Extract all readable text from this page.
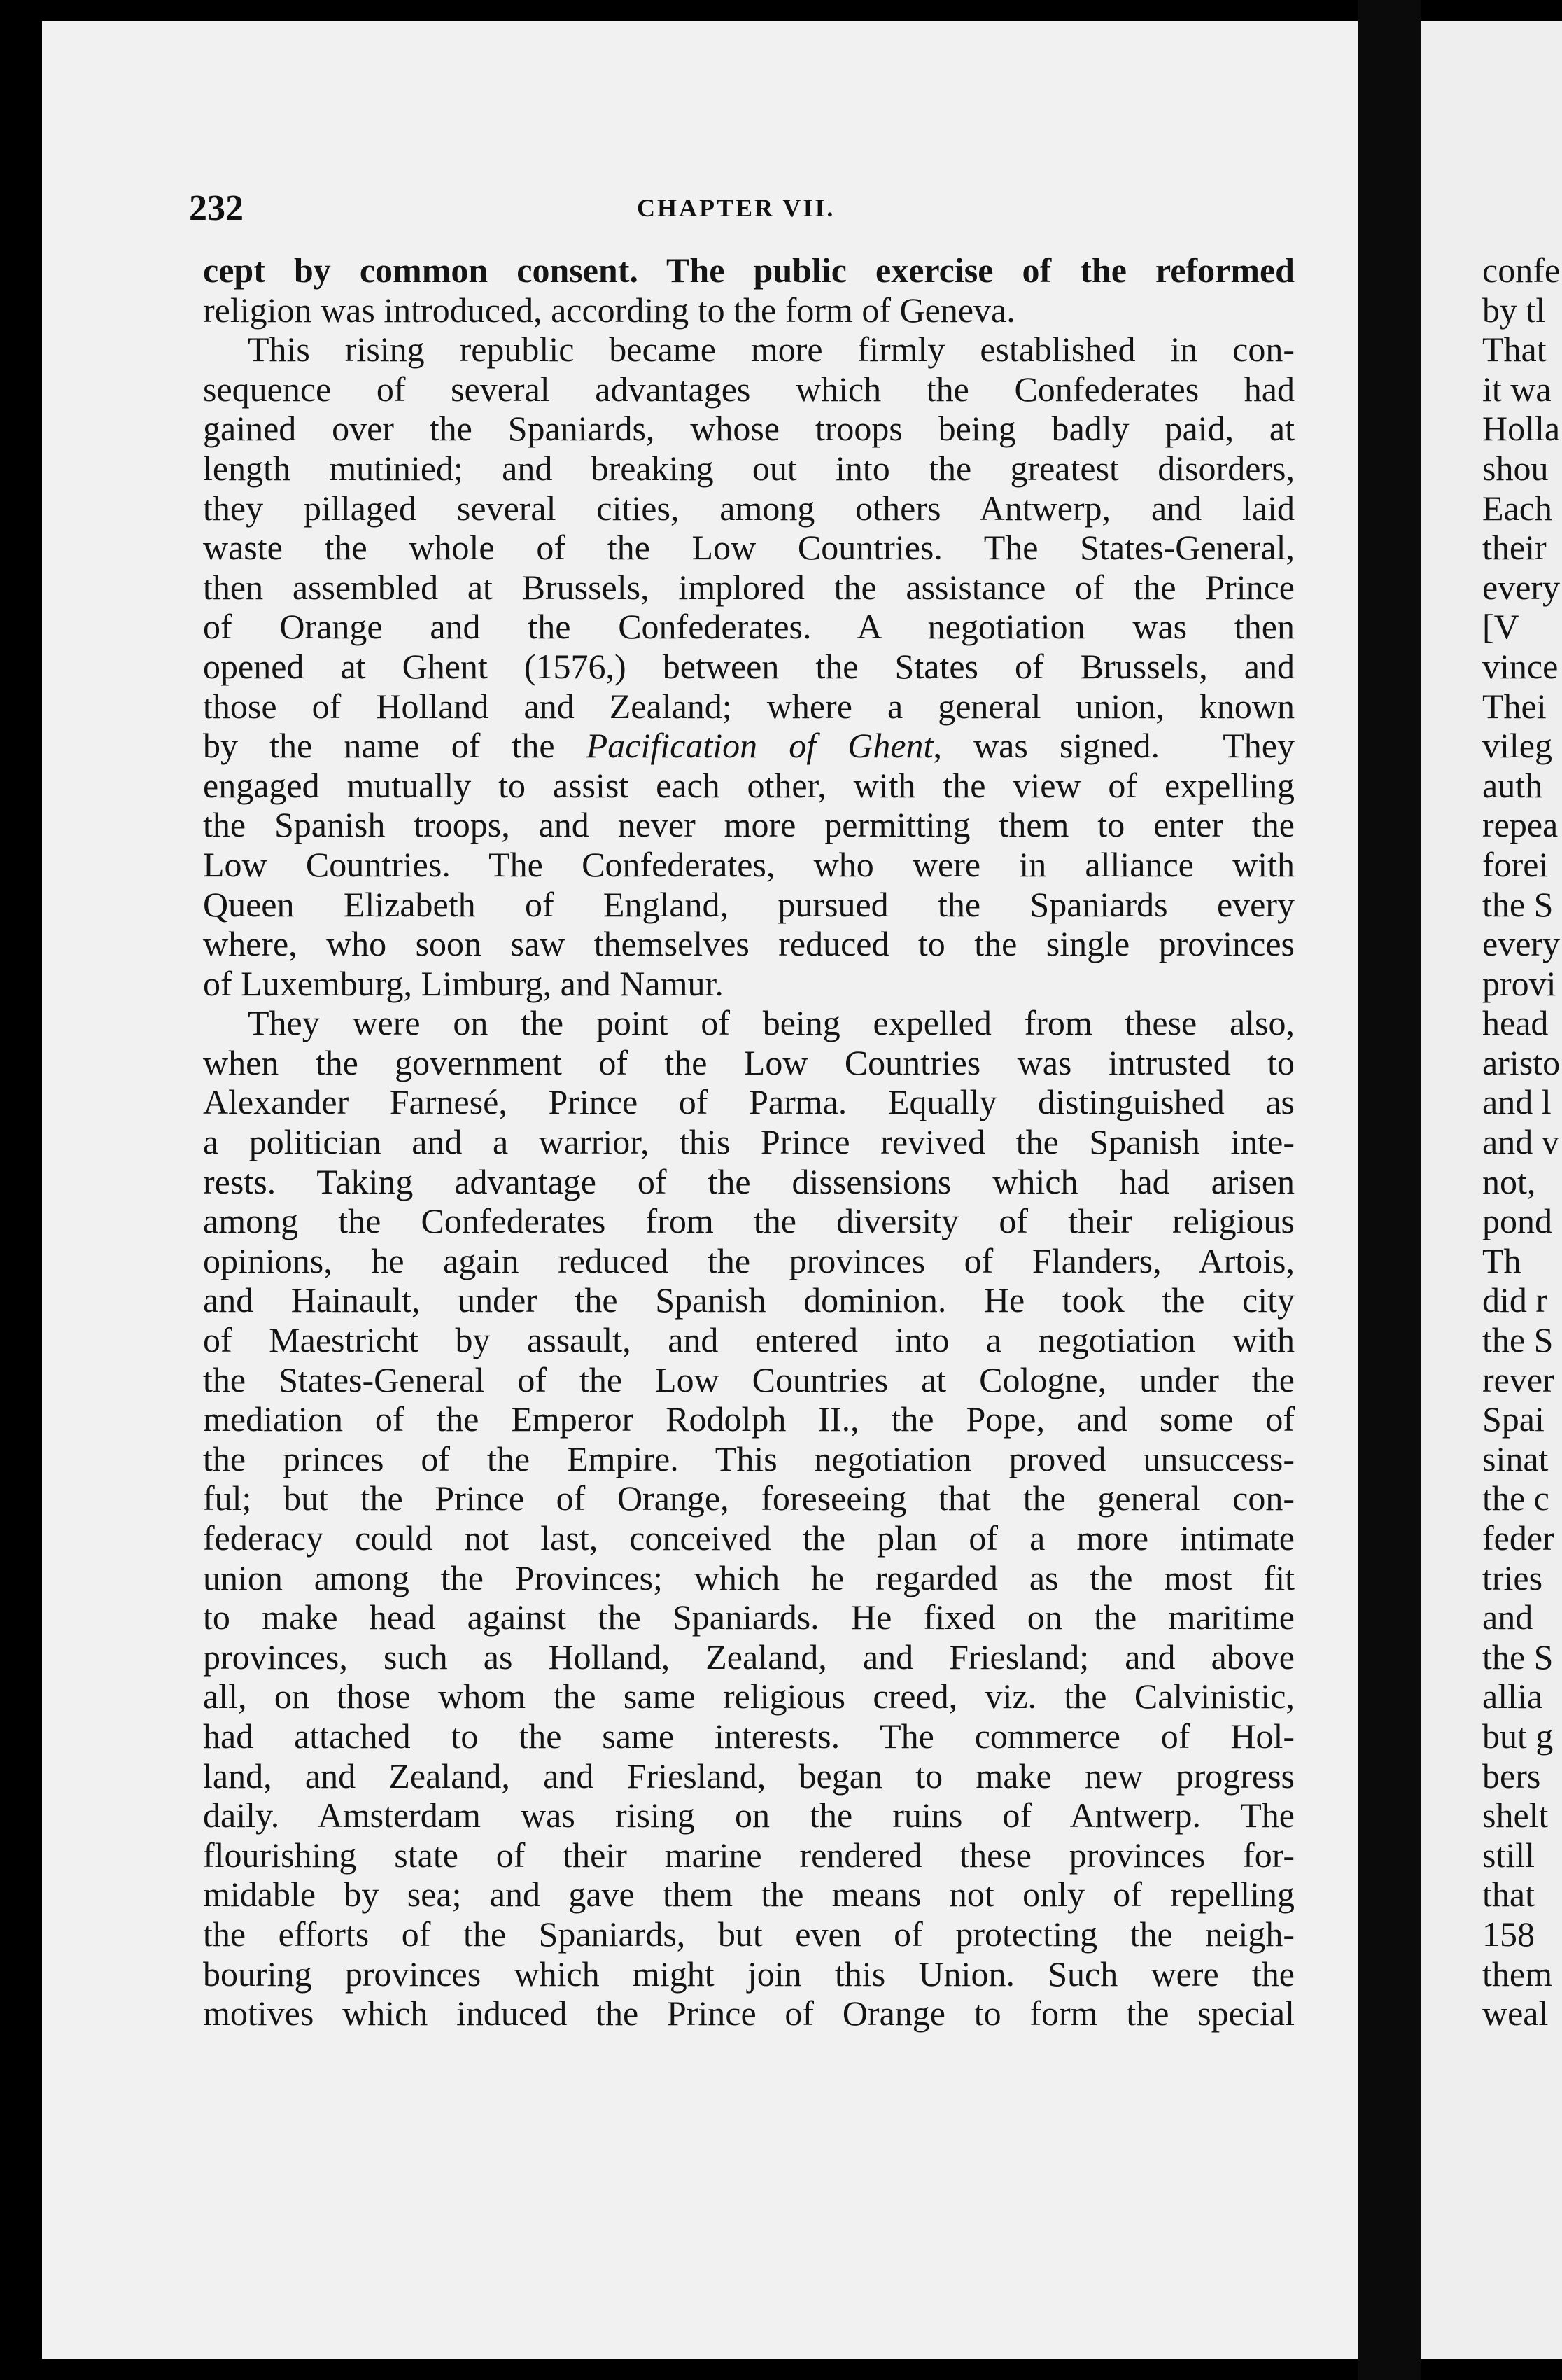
232	CHAPTER VII.
cept by common consent. The public exercise of the reformed
religion was introduced, according to the form of Geneva.
This rising republic became more firmly established in con-
sequence of several advantages which the Confederates had
gained over the Spaniards, whose troops being badly paid, at
length mutinied; and breaking out into the greatest disorders,
they pillaged several cities, among others Antwerp, and laid
waste the whole of the Low Countries. The States-General,
then assembled at Brussels, implored the assistance of the Prince
of Orange and the Confederates. A negotiation was then
opened at Ghent (1576,) between the States of Brussels, and
those of Holland and Zealand; where a general union, known
by the name of the Pacification of Ghent, was signed.  They
engaged mutually to assist each other, with the view of expelling
the Spanish troops, and never more permitting them to enter the
Low Countries. The Confederates, who were in alliance with
Queen Elizabeth of England, pursued the Spaniards every
where, who soon saw themselves reduced to the single provinces
of Luxemburg, Limburg, and Namur.
They were on the point of being expelled from these also,
when the government of the Low Countries was intrusted to
Alexander Farnesé, Prince of Parma. Equally distinguished as
a politician and a warrior, this Prince revived the Spanish inte-
rests. Taking advantage of the dissensions which had arisen
among the Confederates from the diversity of their religious
opinions, he again reduced the provinces of Flanders, Artois,
and Hainault, under the Spanish dominion. He took the city
of Maestricht by assault, and entered into a negotiation with
the States-General of the Low Countries at Cologne, under the
mediation of the Emperor Rodolph II., the Pope, and some of
the princes of the Empire. This negotiation proved unsuccess-
ful; but the Prince of Orange, foreseeing that the general con-
federacy could not last, conceived the plan of a more intimate
union among the Provinces; which he regarded as the most fit
to make head against the Spaniards. He fixed on the maritime
provinces, such as Holland, Zealand, and Friesland; and above
all, on those whom the same religious creed, viz. the Calvinistic,
had attached to the same interests. The commerce of Hol-
land, and Zealand, and Friesland, began to make new progress
daily. Amsterdam was rising on the ruins of Antwerp. The
flourishing state of their marine rendered these provinces for-
midable by sea; and gave them the means not only of repelling
the efforts of the Spaniards, but even of protecting the neigh-
bouring provinces which might join this Union. Such were the
motives which induced the Prince of Orange to form the special
confe
by tl
That
it wa
Holla
shou
Each
their
every
[V
vince
Thei
vileg
auth
repea
forei
the S
every
provi
head
aristo
and l
and v
not,
pond
Th
did r
the S
rever
Spai
sinat
the c
feder
tries
and
the S
allia
but g
bers
shelt
still
that
158
them
weal
